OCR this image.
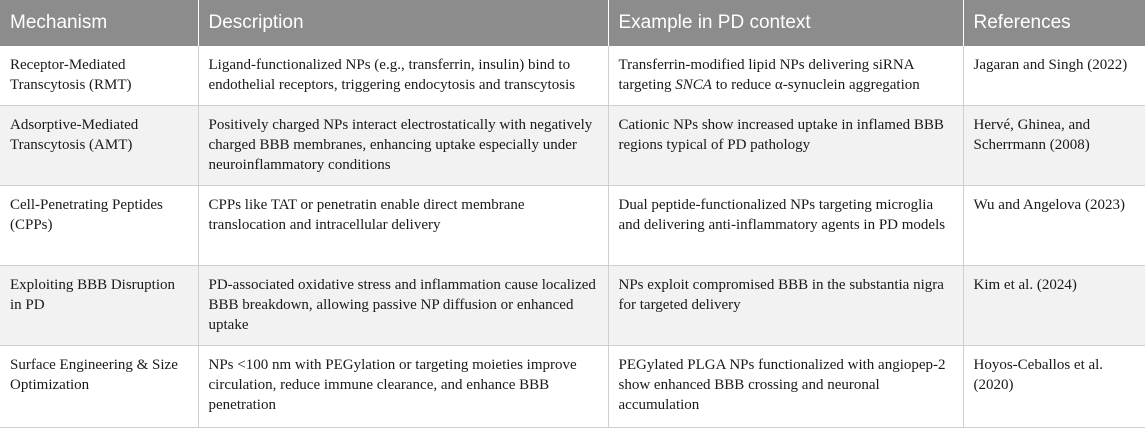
Mechanism	Description	Example in PD context	References
Receptor-Mediated Transcytosis (RMT)	Ligand-functionalized NPs (e.g., transferrin, insulin) bind to endothelial receptors, triggering endocytosis and transcytosis	Transferrin-modified lipid NPs delivering siRNA targeting SNCA to reduce α-synuclein aggregation	Jagaran and Singh (2022)
Adsorptive-Mediated Transcytosis (AMT)	Positively charged NPs interact electrostatically with negatively charged BBB membranes, enhancing uptake especially under neuroinflammatory conditions	Cationic NPs show increased uptake in inflamed BBB regions typical of PD pathology	Hervé, Ghinea, and Scherrmann (2008)
Cell-Penetrating Peptides (CPPs)	CPPs like TAT or penetratin enable direct membrane translocation and intracellular delivery	Dual peptide-functionalized NPs targeting microglia and delivering anti-inflammatory agents in PD models	Wu and Angelova (2023)
Exploiting BBB Disruption in PD	PD-associated oxidative stress and inflammation cause localized BBB breakdown, allowing passive NP diffusion or enhanced uptake	NPs exploit compromised BBB in the substantia nigra for targeted delivery	Kim et al. (2024)
Surface Engineering & Size Optimization	NPs <100 nm with PEGylation or targeting moieties improve circulation, reduce immune clearance, and enhance BBB penetration	PEGylated PLGA NPs functionalized with angiopep-2 show enhanced BBB crossing and neuronal accumulation	Hoyos-Ceballos et al. (2020)
